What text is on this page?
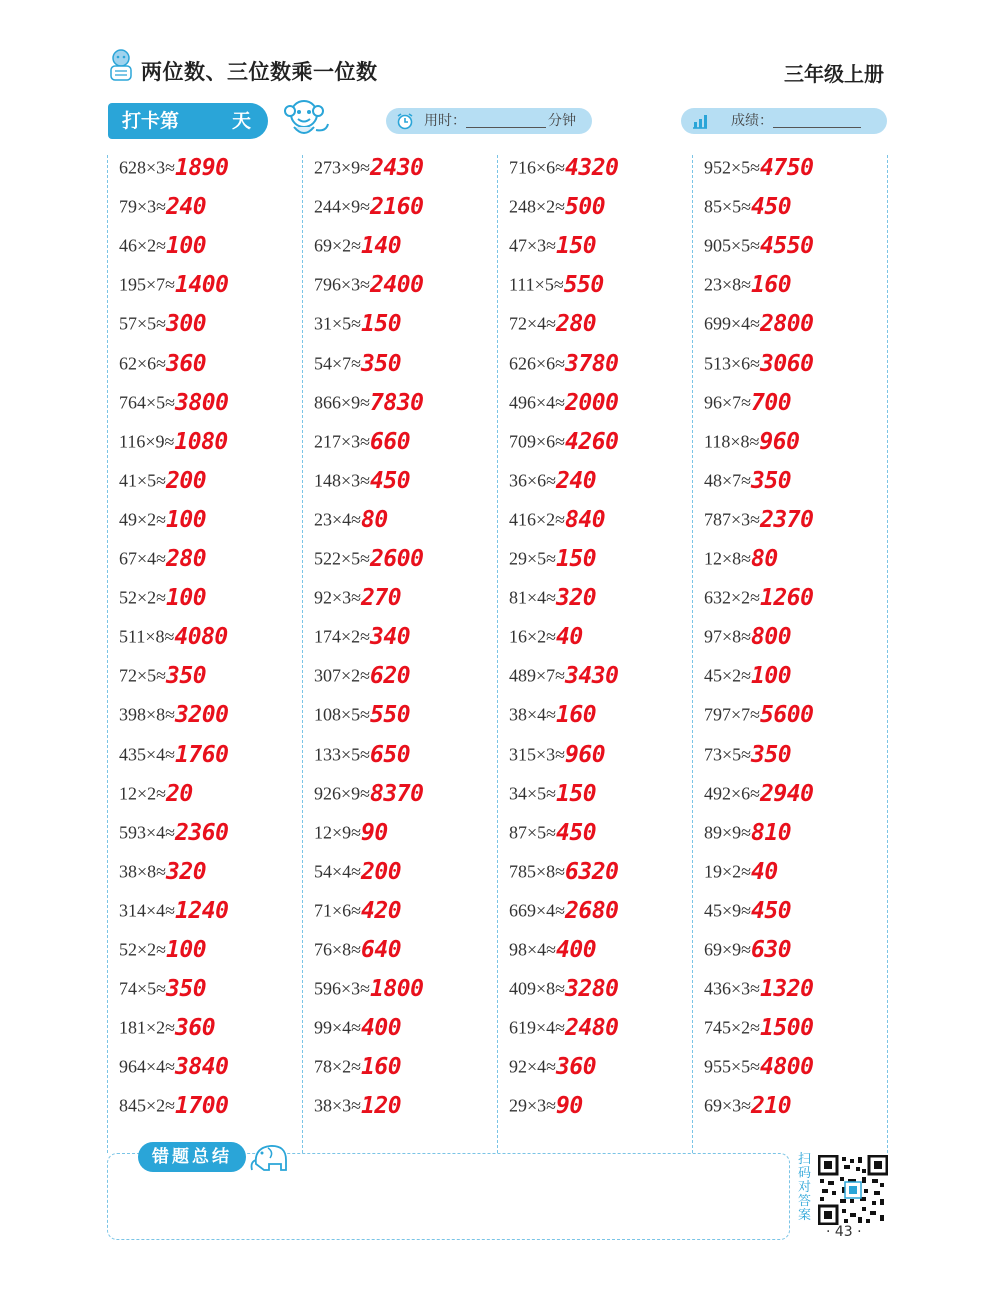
两位数、三位数乘一位数	三年级上册
打卡第	天	用时：	分钟	成绩：
628×3≈1890
79×3≈240
46×2≈100
195×7≈1400
57×5≈300
62×6≈360
764×5≈3800
116×9≈1080
41×5≈200
49×2≈100
67×4≈280
52×2≈100
511×8≈4080
72×5≈350
398×8≈3200
435×4≈1760
12×2≈20
593×4≈2360
38×8≈320
314×4≈1240
52×2≈100
74×5≈350
181×2≈360
964×4≈3840
845×2≈1700
273×9≈2430
244×9≈2160
69×2≈140
796×3≈2400
31×5≈150
54×7≈350
866×9≈7830
217×3≈660
148×3≈450
23×4≈80
522×5≈2600
92×3≈270
174×2≈340
307×2≈620
108×5≈550
133×5≈650
926×9≈8370
12×9≈90
54×4≈200
71×6≈420
76×8≈640
596×3≈1800
99×4≈400
78×2≈160
38×3≈120
716×6≈4320
248×2≈500
47×3≈150
111×5≈550
72×4≈280
626×6≈3780
496×4≈2000
709×6≈4260
36×6≈240
416×2≈840
29×5≈150
81×4≈320
16×2≈40
489×7≈3430
38×4≈160
315×3≈960
34×5≈150
87×5≈450
785×8≈6320
669×4≈2680
98×4≈400
409×8≈3280
619×4≈2480
92×4≈360
29×3≈90
952×5≈4750
85×5≈450
905×5≈4550
23×8≈160
699×4≈2800
513×6≈3060
96×7≈700
118×8≈960
48×7≈350
787×3≈2370
12×8≈80
632×2≈1260
97×8≈800
45×2≈100
797×7≈5600
73×5≈350
492×6≈2940
89×9≈810
19×2≈40
45×9≈450
69×9≈630
436×3≈1320
745×2≈1500
955×5≈4800
69×3≈210
错题总结	扫
码
对
答
案
· 43 ·
